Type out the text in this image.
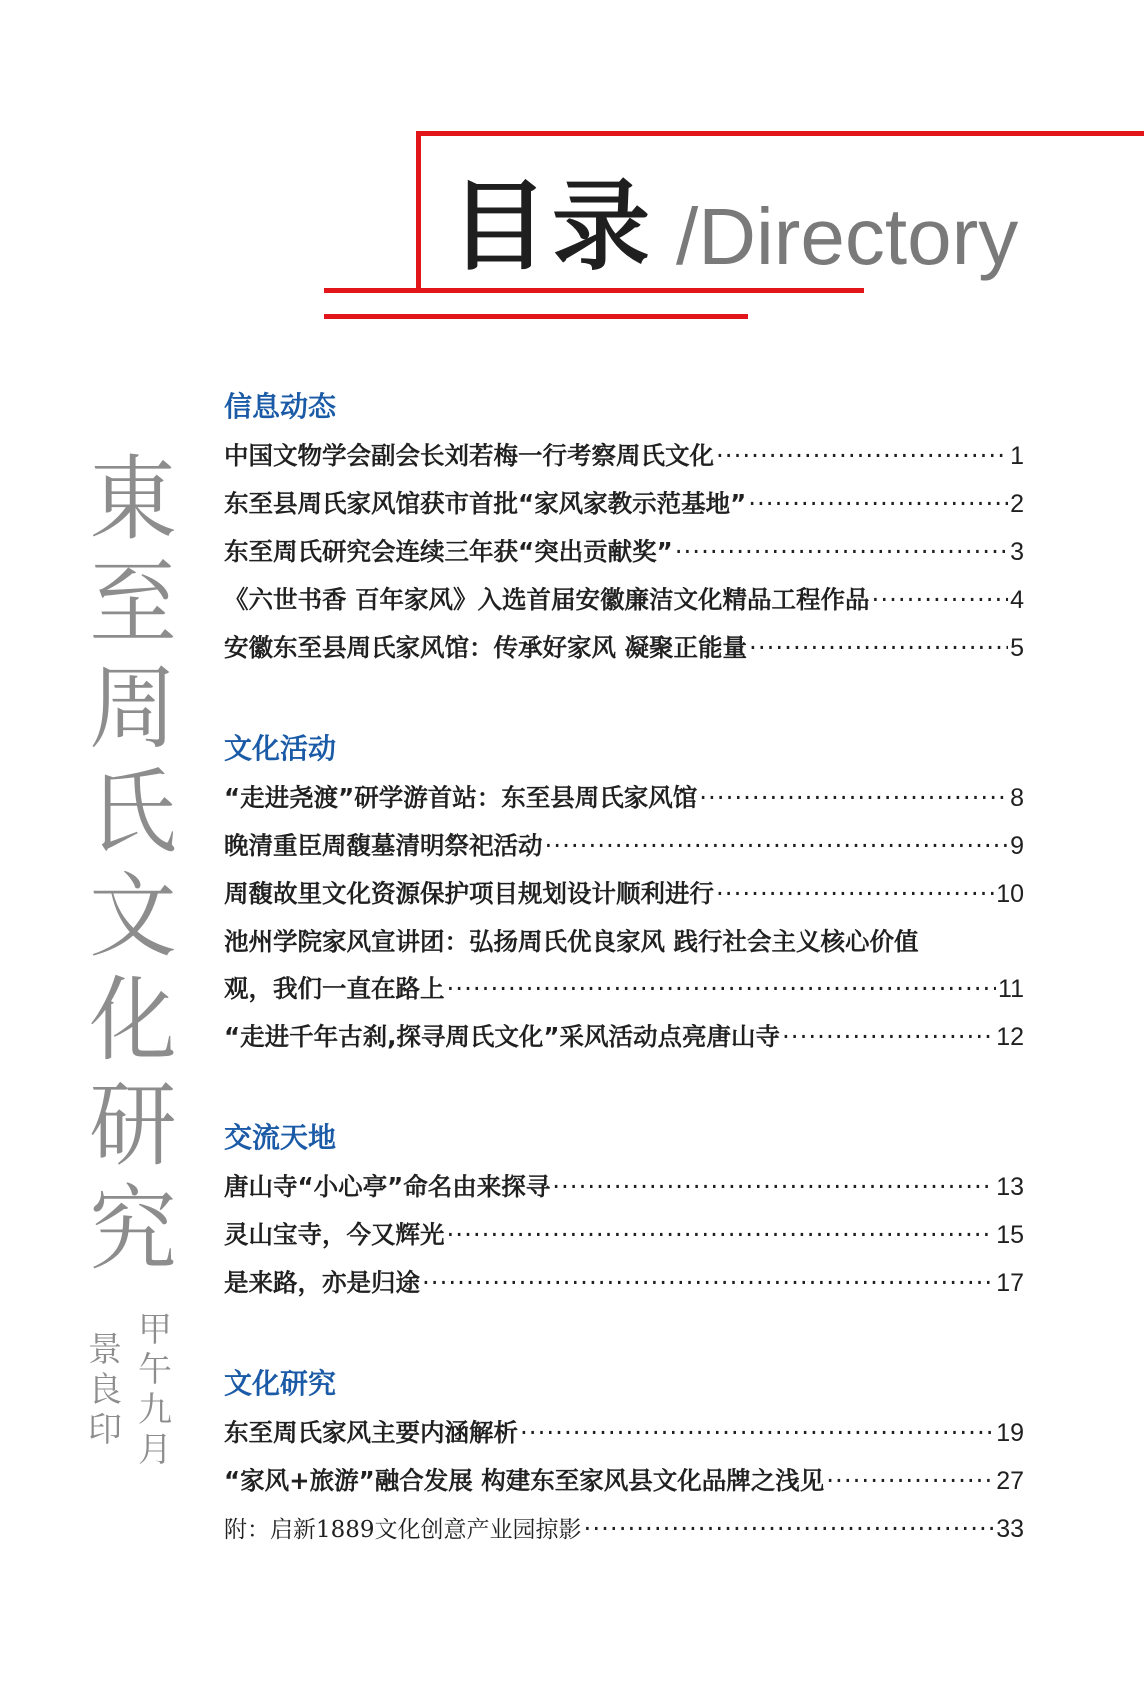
目录 /Directory
東
至
周
氏
文
化
研
究
甲
午
九
月
景
良
印
信息动态
中国文物学会副会长刘若梅一行考察周氏文化 ·····	1
东至县周氏家风馆获市首批“家风家教示范基地” ·····	2
东至周氏研究会连续三年获“突出贡献奖” ·····	3
《六世书香 百年家风》入选首届安徽廉洁文化精品工程作品 ·····	4
安徽东至县周氏家风馆：传承好家风 凝聚正能量 ·····	5
文化活动
“走进尧渡”研学游首站：东至县周氏家风馆 ·····	8
晚清重臣周馥墓清明祭祀活动 ·····	9
周馥故里文化资源保护项目规划设计顺利进行 ·····	10
池州学院家风宣讲团：弘扬周氏优良家风 践行社会主义核心价值
观，我们一直在路上 ·····	11
“走进千年古刹,探寻周氏文化”采风活动点亮唐山寺 ·····	12
交流天地
唐山寺“小心亭”命名由来探寻 ·····	13
灵山宝寺，今又辉光 ·····	15
是来路，亦是归途 ·····	17
文化研究
东至周氏家风主要内涵解析 ·····	19
“家风+旅游”融合发展 构建东至家风县文化品牌之浅见 ·····	27
附：启新1889文化创意产业园掠影 ·····	33
